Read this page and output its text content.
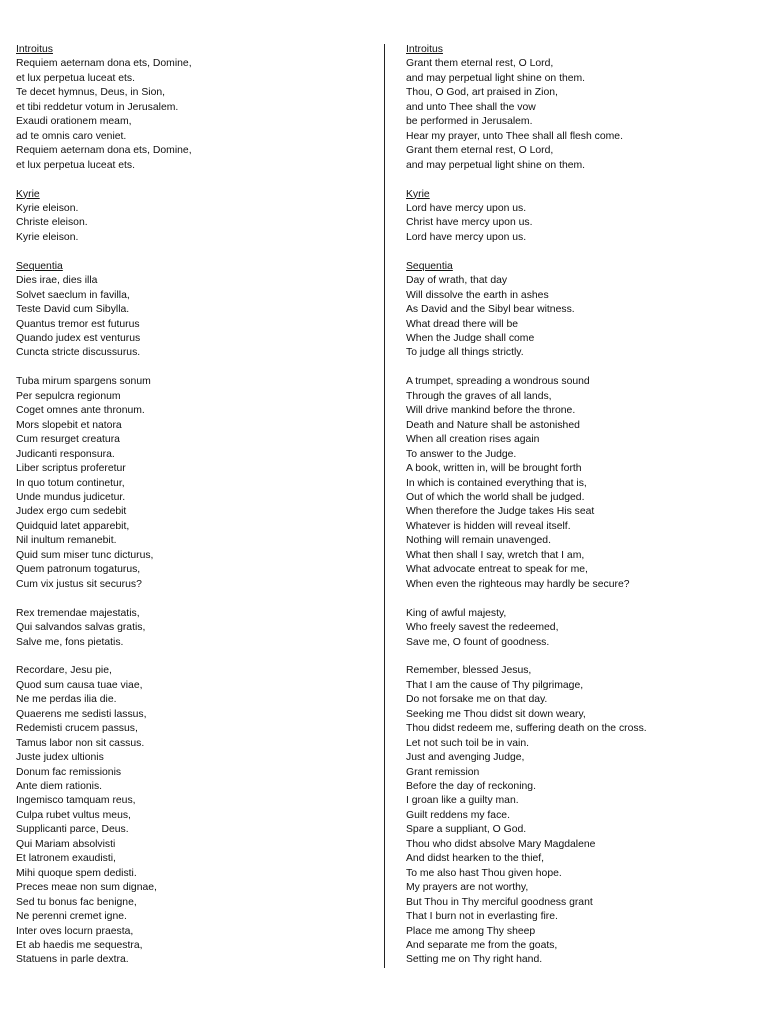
Introitus
Requiem aeternam dona ets, Domine,
et lux perpetua luceat ets.
Te decet hymnus, Deus, in Sion,
et tibi reddetur votum in Jerusalem.
Exaudi orationem meam,
ad te omnis caro veniet.
Requiem aeternam dona ets, Domine,
et lux perpetua luceat ets.
Kyrie
Kyrie eleison.
Christe eleison.
Kyrie eleison.
Sequentia
Dies irae, dies illa
Solvet saeclum in favilla,
Teste David cum Sibylla.
Quantus tremor est futurus
Quando judex est venturus
Cuncta stricte discussurus.
Tuba mirum spargens sonum
Per sepulcra regionum
Coget omnes ante thronum.
Mors slopebit et natora
Cum resurget creatura
Judicanti responsura.
Liber scriptus proferetur
In quo totum continetur,
Unde mundus judicetur.
Judex ergo cum sedebit
Quidquid latet apparebit,
Nil inultum remanebit.
Quid sum miser tunc dicturus,
Quem patronum togaturus,
Cum vix justus sit securus?
Rex tremendae majestatis,
Qui salvandos salvas gratis,
Salve me, fons pietatis.
Recordare, Jesu pie,
Quod sum causa tuae viae,
Ne me perdas ilia die.
Quaerens me sedisti lassus,
Redemisti crucem passus,
Tamus labor non sit cassus.
Juste judex ultionis
Donum fac remissionis
Ante diem rationis.
Ingemisco tamquam reus,
Culpa rubet vultus meus,
Supplicanti parce, Deus.
Qui Mariam absolvisti
Et latronem exaudisti,
Mihi quoque spem dedisti.
Preces meae non sum dignae,
Sed tu bonus fac benigne,
Ne perenni cremet igne.
Inter oves locurn praesta,
Et ab haedis me sequestra,
Statuens in parle dextra.
Introitus
Grant them eternal rest, O Lord,
and may perpetual light shine on them.
Thou, O God, art praised in Zion,
and unto Thee shall the vow
be performed in Jerusalem.
Hear my prayer, unto Thee shall all flesh come.
Grant them eternal rest, O Lord,
and may perpetual light shine on them.
Kyrie
Lord have mercy upon us.
Christ have mercy upon us.
Lord have mercy upon us.
Sequentia
Day of wrath, that day
Will dissolve the earth in ashes
As David and the Sibyl bear witness.
What dread there will be
When the Judge shall come
To judge all things strictly.
A trumpet, spreading a wondrous sound
Through the graves of all lands,
Will drive mankind before the throne.
Death and Nature shall be astonished
When all creation rises again
To answer to the Judge.
A book, written in, will be brought forth
In which is contained everything that is,
Out of which the world shall be judged.
When therefore the Judge takes His seat
Whatever is hidden will reveal itself.
Nothing will remain unavenged.
What then shall I say, wretch that I am,
What advocate entreat to speak for me,
When even the righteous may hardly be secure?
King of awful majesty,
Who freely savest the redeemed,
Save me, O fount of goodness.
Remember, blessed Jesus,
That I am the cause of Thy pilgrimage,
Do not forsake me on that day.
Seeking me Thou didst sit down weary,
Thou didst redeem me, suffering death on the cross.
Let not such toil be in vain.
Just and avenging Judge,
Grant remission
Before the day of reckoning.
I groan like a guilty man.
Guilt reddens my face.
Spare a suppliant, O God.
Thou who didst absolve Mary Magdalene
And didst hearken to the thief,
To me also hast Thou given hope.
My prayers are not worthy,
But Thou in Thy merciful goodness grant
That I burn not in everlasting fire.
Place me among Thy sheep
And separate me from the goats,
Setting me on Thy right hand.
